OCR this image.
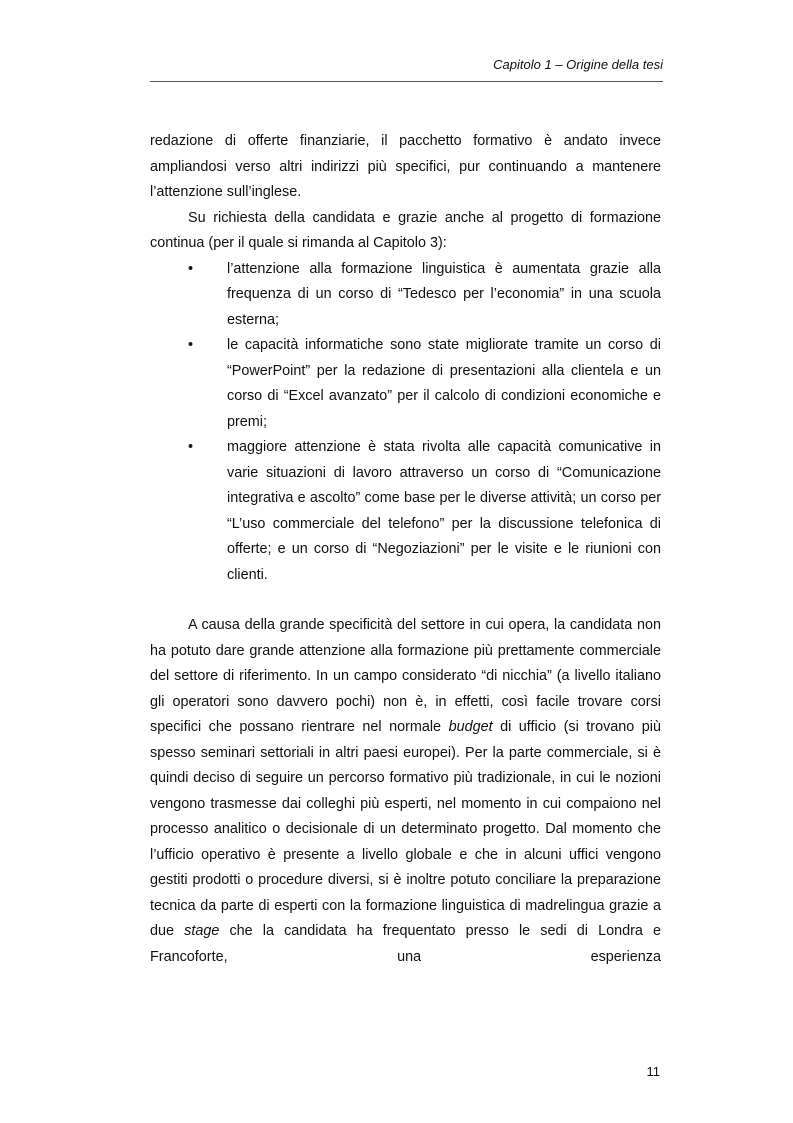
Capitolo 1 – Origine della tesi

redazione di offerte finanziarie, il pacchetto formativo è andato invece ampliandosi verso altri indirizzi più specifici, pur continuando a mantenere l’attenzione sull’inglese.

Su richiesta della candidata e grazie anche al progetto di formazione continua (per il quale si rimanda al Capitolo 3):

• l’attenzione alla formazione linguistica è aumentata grazie alla frequenza di un corso di “Tedesco per l’economia” in una scuola esterna;
• le capacità informatiche sono state migliorate tramite un corso di “PowerPoint” per la redazione di presentazioni alla clientela e un corso di “Excel avanzato” per il calcolo di condizioni economiche e premi;
• maggiore attenzione è stata rivolta alle capacità comunicative in varie situazioni di lavoro attraverso un corso di “Comunicazione integrativa e ascolto” come base per le diverse attività; un corso per “L’uso commerciale del telefono” per la discussione telefonica di offerte; e un corso di “Negoziazioni” per le visite e le riunioni con clienti.

A causa della grande specificità del settore in cui opera, la candidata non ha potuto dare grande attenzione alla formazione più prettamente commerciale del settore di riferimento. In un campo considerato “di nicchia” (a livello italiano gli operatori sono davvero pochi) non è, in effetti, così facile trovare corsi specifici che possano rientrare nel normale budget di ufficio (si trovano più spesso seminari settoriali in altri paesi europei). Per la parte commerciale, si è quindi deciso di seguire un percorso formativo più tradizionale, in cui le nozioni vengono trasmesse dai colleghi più esperti, nel momento in cui compaiono nel processo analitico o decisionale di un determinato progetto. Dal momento che l’ufficio operativo è presente a livello globale e che in alcuni uffici vengono gestiti prodotti o procedure diversi, si è inoltre potuto conciliare la preparazione tecnica da parte di esperti con la formazione linguistica di madrelingua grazie a due stage che la candidata ha frequentato presso le sedi di Londra e Francoforte, una esperienza

11
